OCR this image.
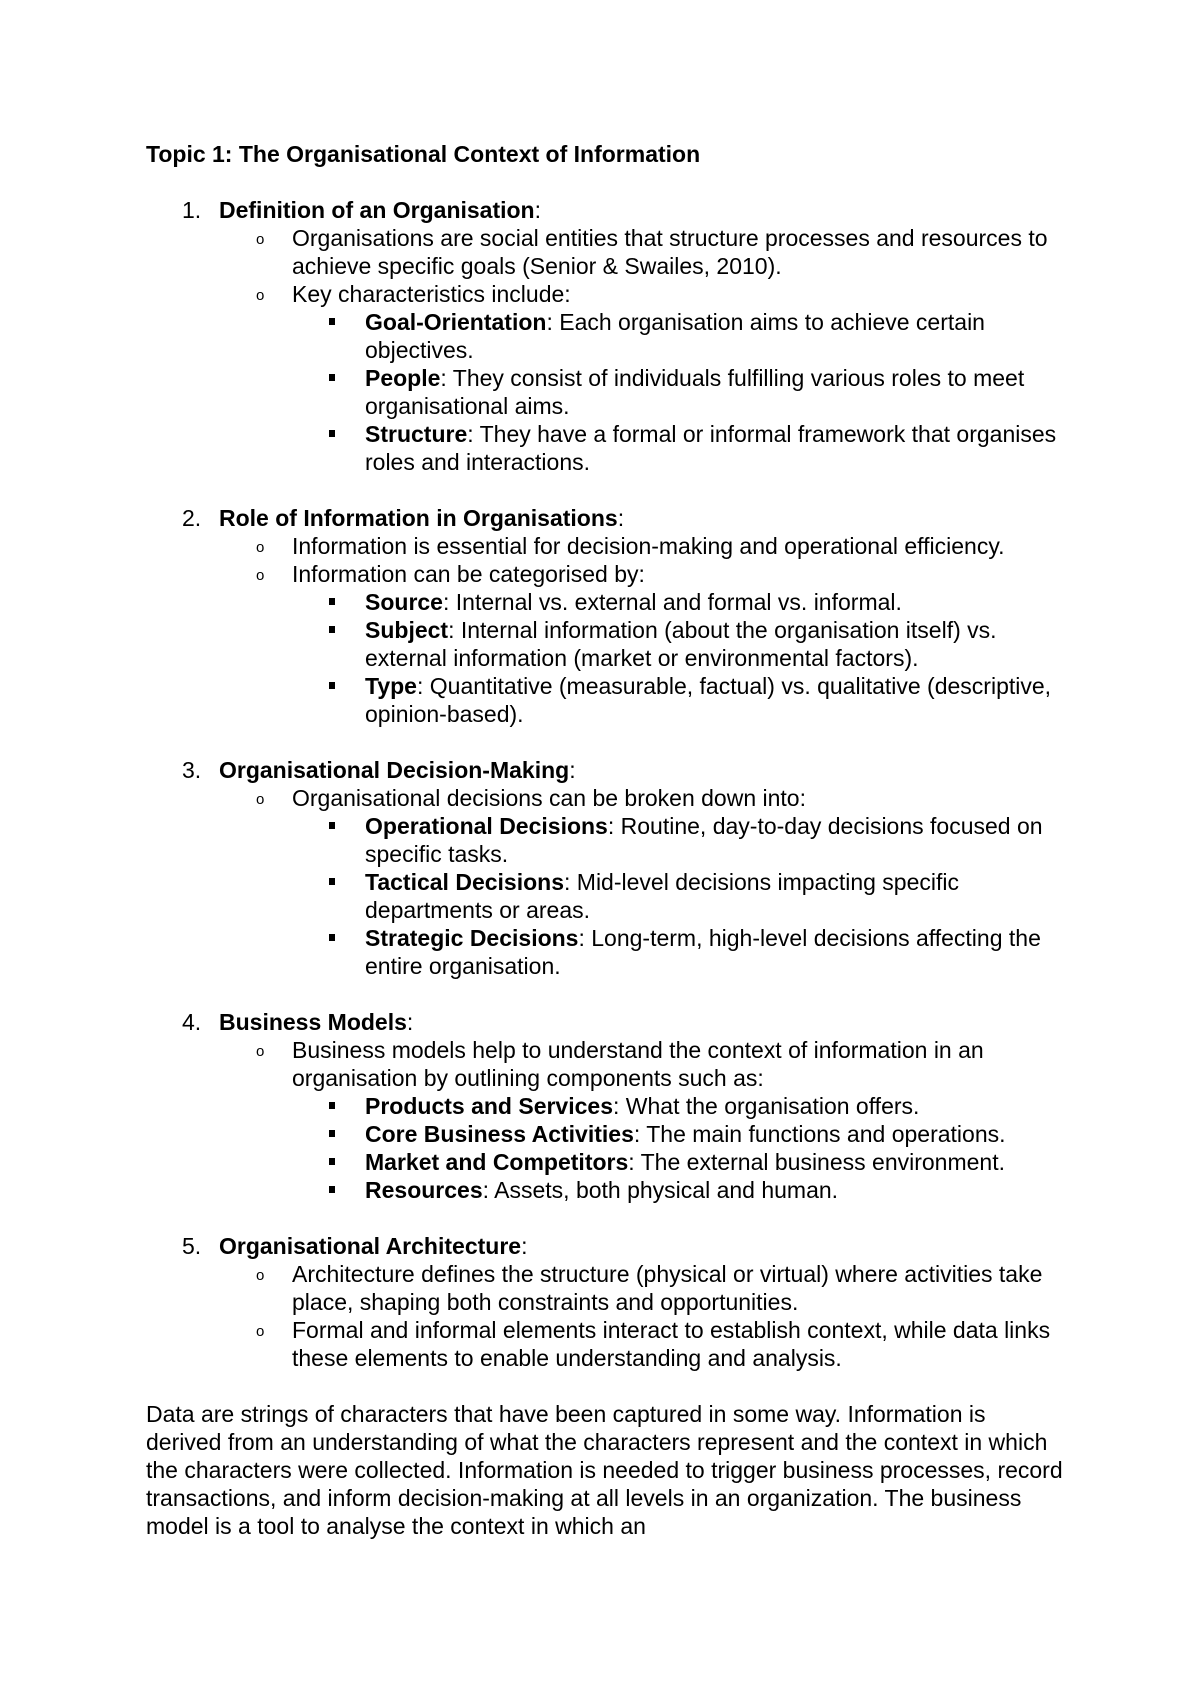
Topic 1: The Organisational Context of Information
1. Definition of an Organisation:
o Organisations are social entities that structure processes and resources to achieve specific goals (Senior & Swailes, 2010).
o Key characteristics include:
Goal-Orientation: Each organisation aims to achieve certain objectives.
People: They consist of individuals fulfilling various roles to meet organisational aims.
Structure: They have a formal or informal framework that organises roles and interactions.
2. Role of Information in Organisations:
o Information is essential for decision-making and operational efficiency.
o Information can be categorised by:
Source: Internal vs. external and formal vs. informal.
Subject: Internal information (about the organisation itself) vs. external information (market or environmental factors).
Type: Quantitative (measurable, factual) vs. qualitative (descriptive, opinion-based).
3. Organisational Decision-Making:
o Organisational decisions can be broken down into:
Operational Decisions: Routine, day-to-day decisions focused on specific tasks.
Tactical Decisions: Mid-level decisions impacting specific departments or areas.
Strategic Decisions: Long-term, high-level decisions affecting the entire organisation.
4. Business Models:
o Business models help to understand the context of information in an organisation by outlining components such as:
Products and Services: What the organisation offers.
Core Business Activities: The main functions and operations.
Market and Competitors: The external business environment.
Resources: Assets, both physical and human.
5. Organisational Architecture:
o Architecture defines the structure (physical or virtual) where activities take place, shaping both constraints and opportunities.
o Formal and informal elements interact to establish context, while data links these elements to enable understanding and analysis.

Data are strings of characters that have been captured in some way. Information is derived from an understanding of what the characters represent and the context in which the characters were collected. Information is needed to trigger business processes, record transactions, and inform decision-making at all levels in an organization. The business model is a tool to analyse the context in which an
